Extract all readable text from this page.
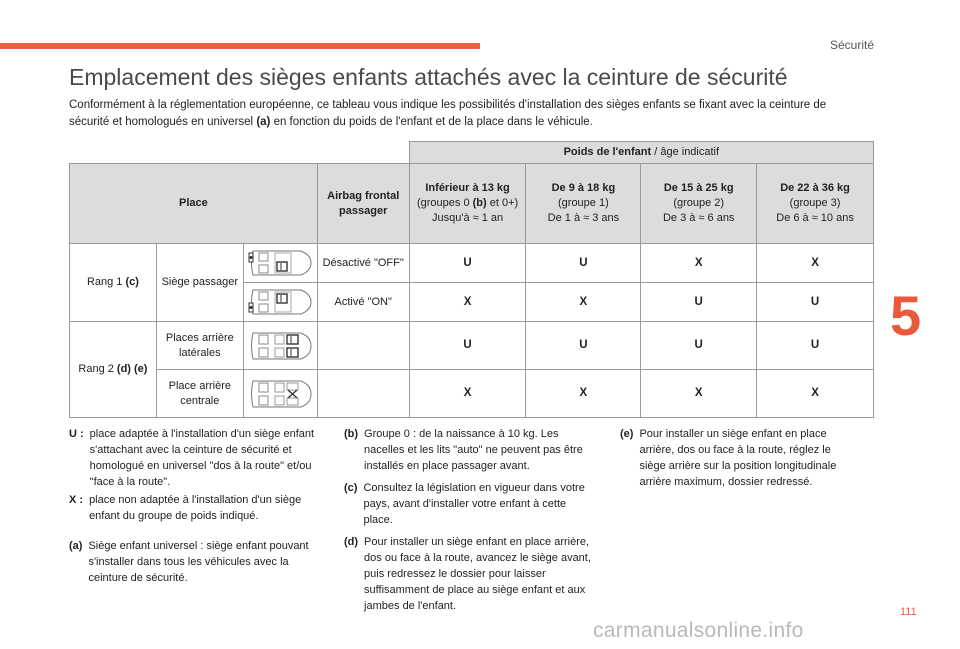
Sécurité
5
Emplacement des sièges enfants attachés avec la ceinture de sécurité

Conformément à la réglementation européenne, ce tableau vous indique les possibilités d'installation des sièges enfants se fixant avec la ceinture de sécurité et homologués en universel (a) en fonction du poids de l'enfant et de la place dans le véhicule.

				Poids de l'enfant / âge indicatif			
Place			Airbag frontal passager	Inférieur à 13 kg
(groupes 0 (b) et 0+)
Jusqu'à ≈ 1 an	De 9 à 18 kg
(groupe 1)
De 1 à ≈ 3 ans	De 15 à 25 kg
(groupe 2)
De 3 à ≈ 6 ans	De 22 à 36 kg
(groupe 3)
De 6 à ≈ 10 ans
Rang 1 (c)	Siège passager		Désactivé "OFF"	U	U	X	X

	Activé "ON"	X	X	U	U
Rang 2 (d) (e)	Places arrière latérales			U	U	U	U
	Place arrière centrale			X	X	X	X
U : place adaptée à l'installation d'un siège enfant s'attachant avec la ceinture de sécurité et homologué en universel "dos à la route" et/ou "face à la route".
X : place non adaptée à l'installation d'un siège enfant du groupe de poids indiqué.
(a) Siège enfant universel : siège enfant pouvant s'installer dans tous les véhicules avec la ceinture de sécurité.
(b) Groupe 0 : de la naissance à 10 kg. Les nacelles et les lits "auto" ne peuvent pas être installés en place passager avant.
(c) Consultez la législation en vigueur dans votre pays, avant d'installer votre enfant à cette place.
(d) Pour installer un siège enfant en place arrière, dos ou face à la route, avancez le siège avant, puis redressez le dossier pour laisser suffisamment de place au siège enfant et aux jambes de l'enfant.
(e) Pour installer un siège enfant en place arrière, dos ou face à la route, réglez le siège arrière sur la position longitudinale arrière maximum, dossier redressé.
111
carmanualsonline.info
